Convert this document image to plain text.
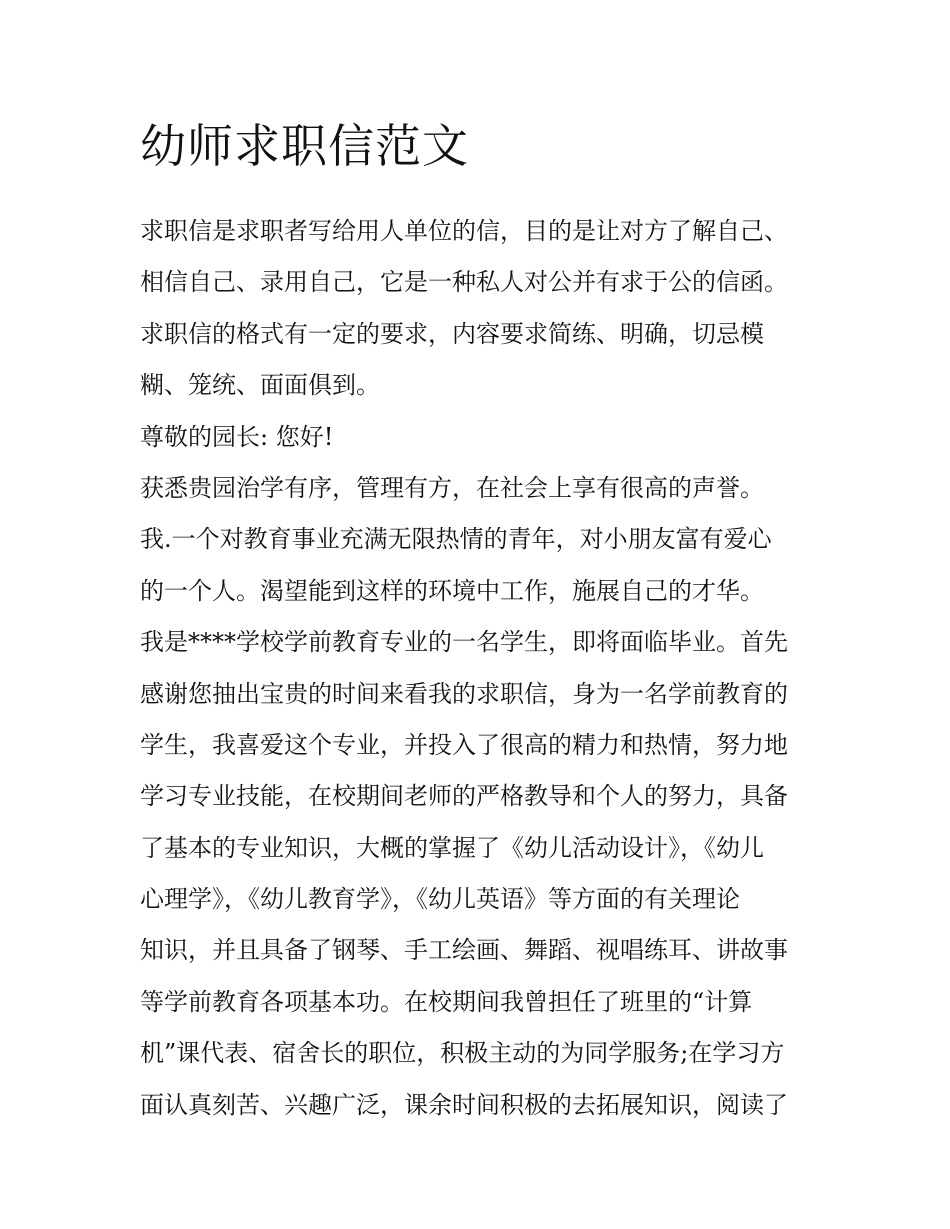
幼师求职信范文
求职信是求职者写给用人单位的信，目的是让对方了解自己、
相信自己、录用自己，它是一种私人对公并有求于公的信函。
求职信的格式有一定的要求，内容要求简练、明确，切忌模
糊、笼统、面面俱到。
尊敬的园长: 您好!
获悉贵园治学有序，管理有方，在社会上享有很高的声誉。
我.一个对教育事业充满无限热情的青年，对小朋友富有爱心
的一个人。渴望能到这样的环境中工作，施展自己的才华。
我是****学校学前教育专业的一名学生，即将面临毕业。首先
感谢您抽出宝贵的时间来看我的求职信，身为一名学前教育的
学生，我喜爱这个专业，并投入了很高的精力和热情，努力地
学习专业技能，在校期间老师的严格教导和个人的努力，具备
了基本的专业知识，大概的掌握了《幼儿活动设计》，《幼儿
心理学》，《幼儿教育学》，《幼儿英语》等方面的有关理论
知识，并且具备了钢琴、手工绘画、舞蹈、视唱练耳、讲故事
等学前教育各项基本功。在校期间我曾担任了班里的“计算
机”课代表、宿舍长的职位，积极主动的为同学服务;在学习方
面认真刻苦、兴趣广泛，课余时间积极的去拓展知识，阅读了
